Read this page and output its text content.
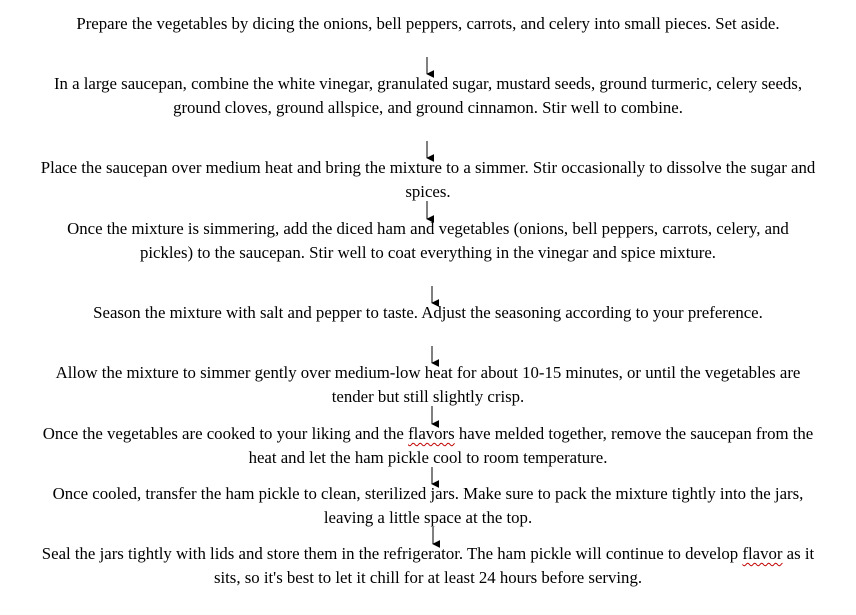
Prepare the vegetables by dicing the onions, bell peppers, carrots, and celery into small pieces. Set aside.

In a large saucepan, combine the white vinegar, granulated sugar, mustard seeds, ground turmeric, celery seeds, ground cloves, ground allspice, and ground cinnamon. Stir well to combine.

Place the saucepan over medium heat and bring the mixture to a simmer. Stir occasionally to dissolve the sugar and spices.

Once the mixture is simmering, add the diced ham and vegetables (onions, bell peppers, carrots, celery, and pickles) to the saucepan. Stir well to coat everything in the vinegar and spice mixture.

Season the mixture with salt and pepper to taste. Adjust the seasoning according to your preference.

Allow the mixture to simmer gently over medium-low heat for about 10-15 minutes, or until the vegetables are tender but still slightly crisp.

Once the vegetables are cooked to your liking and the flavors have melded together, remove the saucepan from the heat and let the ham pickle cool to room temperature.

Once cooled, transfer the ham pickle to clean, sterilized jars. Make sure to pack the mixture tightly into the jars, leaving a little space at the top.

Seal the jars tightly with lids and store them in the refrigerator. The ham pickle will continue to develop flavor as it sits, so it's best to let it chill for at least 24 hours before serving.
